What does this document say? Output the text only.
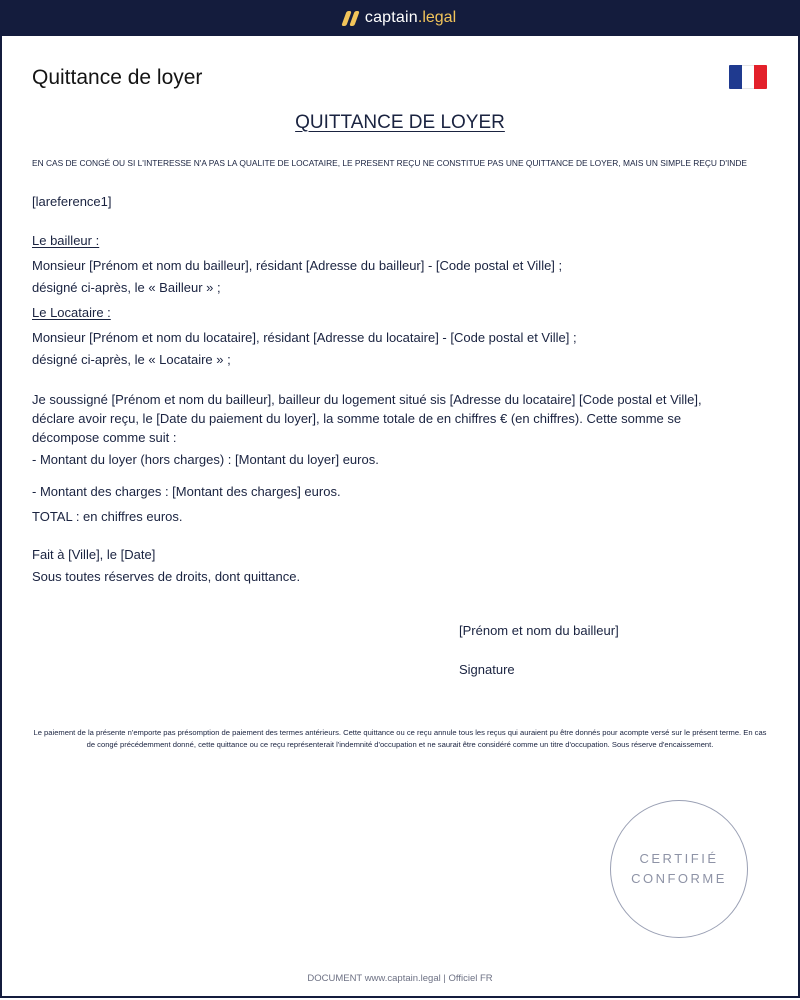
captain .legal
Quittance de loyer
QUITTANCE DE LOYER
EN CAS DE CONGÉ OU SI L'INTERESSE N'A PAS LA QUALITE DE LOCATAIRE, LE PRESENT REÇU NE CONSTITUE PAS UNE QUITTANCE DE LOYER, MAIS UN SIMPLE REÇU D'INDE
[lareference1]
Le bailleur :
Monsieur [Prénom et nom du bailleur], résidant [Adresse du bailleur] - [Code postal et Ville] ;
désigné ci-après, le « Bailleur » ;
Le Locataire :
Monsieur [Prénom et nom du locataire], résidant [Adresse du locataire] - [Code postal et Ville] ;
désigné ci-après, le « Locataire » ;
Je soussigné [Prénom et nom du bailleur], bailleur du logement situé sis [Adresse du locataire] [Code postal et Ville], déclare avoir reçu, le [Date du paiement du loyer], la somme totale de en chiffres € (en chiffres). Cette somme se décompose comme suit :
- Montant du loyer (hors charges) : [Montant du loyer] euros.
- Montant des charges : [Montant des charges] euros.
TOTAL : en chiffres euros.
Fait à [Ville], le [Date]
Sous toutes réserves de droits, dont quittance.
[Prénom et nom du bailleur]
Signature
Le paiement de la présente n'emporte pas présomption de paiement des termes antérieurs. Cette quittance ou ce reçu annule tous les reçus qui auraient pu être donnés pour acompte versé sur le présent terme. En cas de congé précédemment donné, cette quittance ou ce reçu représenterait l'indemnité d'occupation et ne saurait être considéré comme un titre d'occupation. Sous réserve d'encaissement.
CERTIFIÉ
CONFORME
DOCUMENT www.captain.legal | Officiel FR
